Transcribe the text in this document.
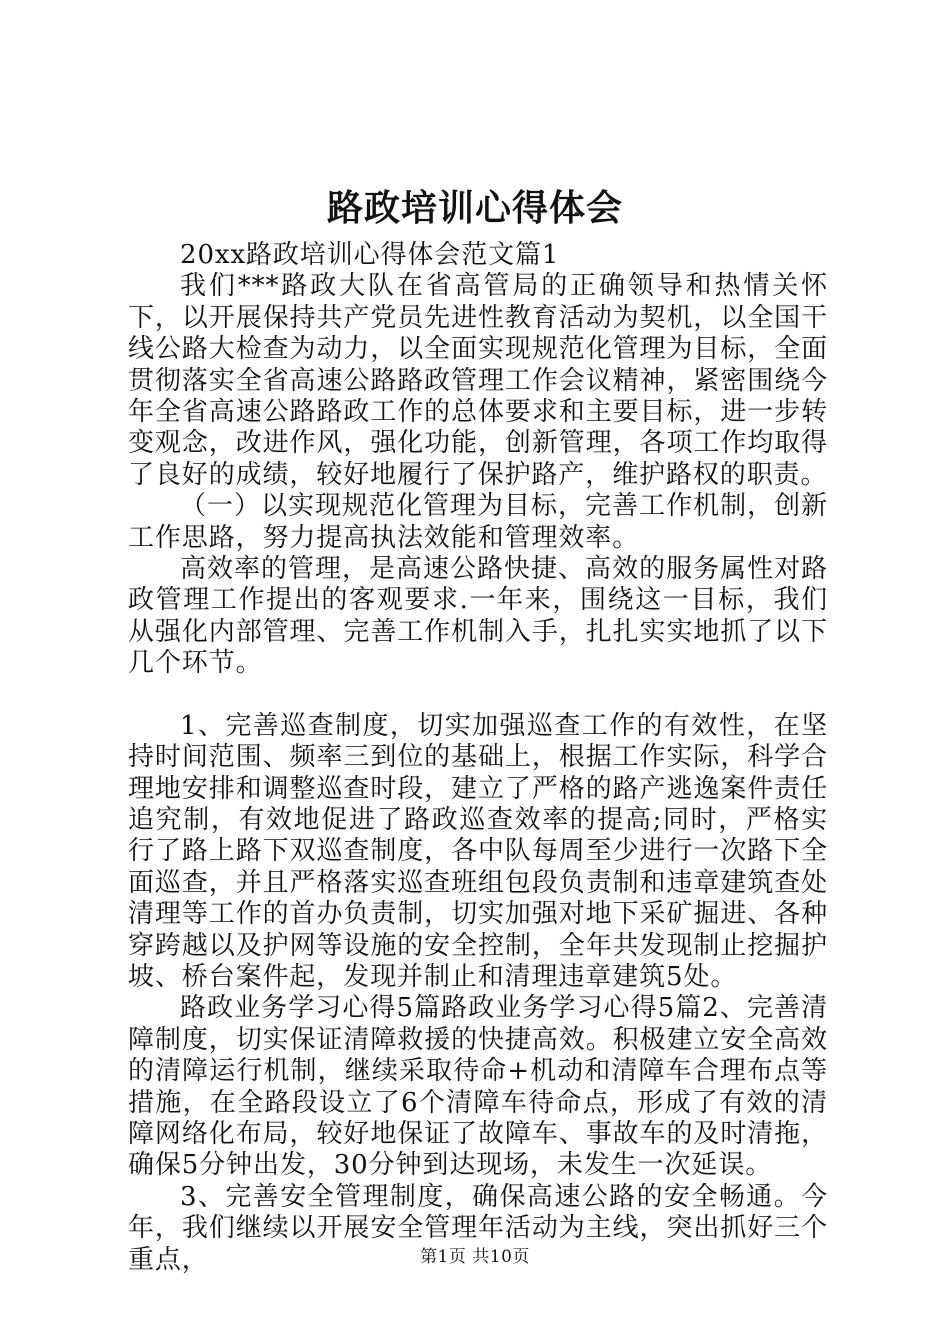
路政培训心得体会

20xx路政培训心得体会范文篇1

我们***路政大队在省高管局的正确领导和热情关怀下，以开展保持共产党员先进性教育活动为契机，以全国干线公路大检查为动力，以全面实现规范化管理为目标，全面贯彻落实全省高速公路路政管理工作会议精神，紧密围绕今年全省高速公路路政工作的总体要求和主要目标，进一步转变观念，改进作风，强化功能，创新管理，各项工作均取得了良好的成绩，较好地履行了保护路产，维护路权的职责。

（一）以实现规范化管理为目标，完善工作机制，创新工作思路，努力提高执法效能和管理效率。

高效率的管理，是高速公路快捷、高效的服务属性对路政管理工作提出的客观要求.一年来，围绕这一目标，我们从强化内部管理、完善工作机制入手，扎扎实实地抓了以下几个环节。

1、完善巡查制度，切实加强巡查工作的有效性，在坚持时间范围、频率三到位的基础上，根据工作实际，科学合理地安排和调整巡查时段，建立了严格的路产逃逸案件责任追究制，有效地促进了路政巡查效率的提高;同时，严格实行了路上路下双巡查制度，各中队每周至少进行一次路下全面巡查，并且严格落实巡查班组包段负责制和违章建筑查处清理等工作的首办负责制，切实加强对地下采矿掘进、各种穿跨越以及护网等设施的安全控制，全年共发现制止挖掘护坡、桥台案件起，发现并制止和清理违章建筑5处。

路政业务学习心得5篇路政业务学习心得5篇2、完善清障制度，切实保证清障救援的快捷高效。积极建立安全高效的清障运行机制，继续采取待命+机动和清障车合理布点等措施，在全路段设立了6个清障车待命点，形成了有效的清障网络化布局，较好地保证了故障车、事故车的及时清拖，确保5分钟出发，30分钟到达现场，未发生一次延误。

3、完善安全管理制度，确保高速公路的安全畅通。今年，我们继续以开展安全管理年活动为主线，突出抓好三个重点，	第1页 共10页
